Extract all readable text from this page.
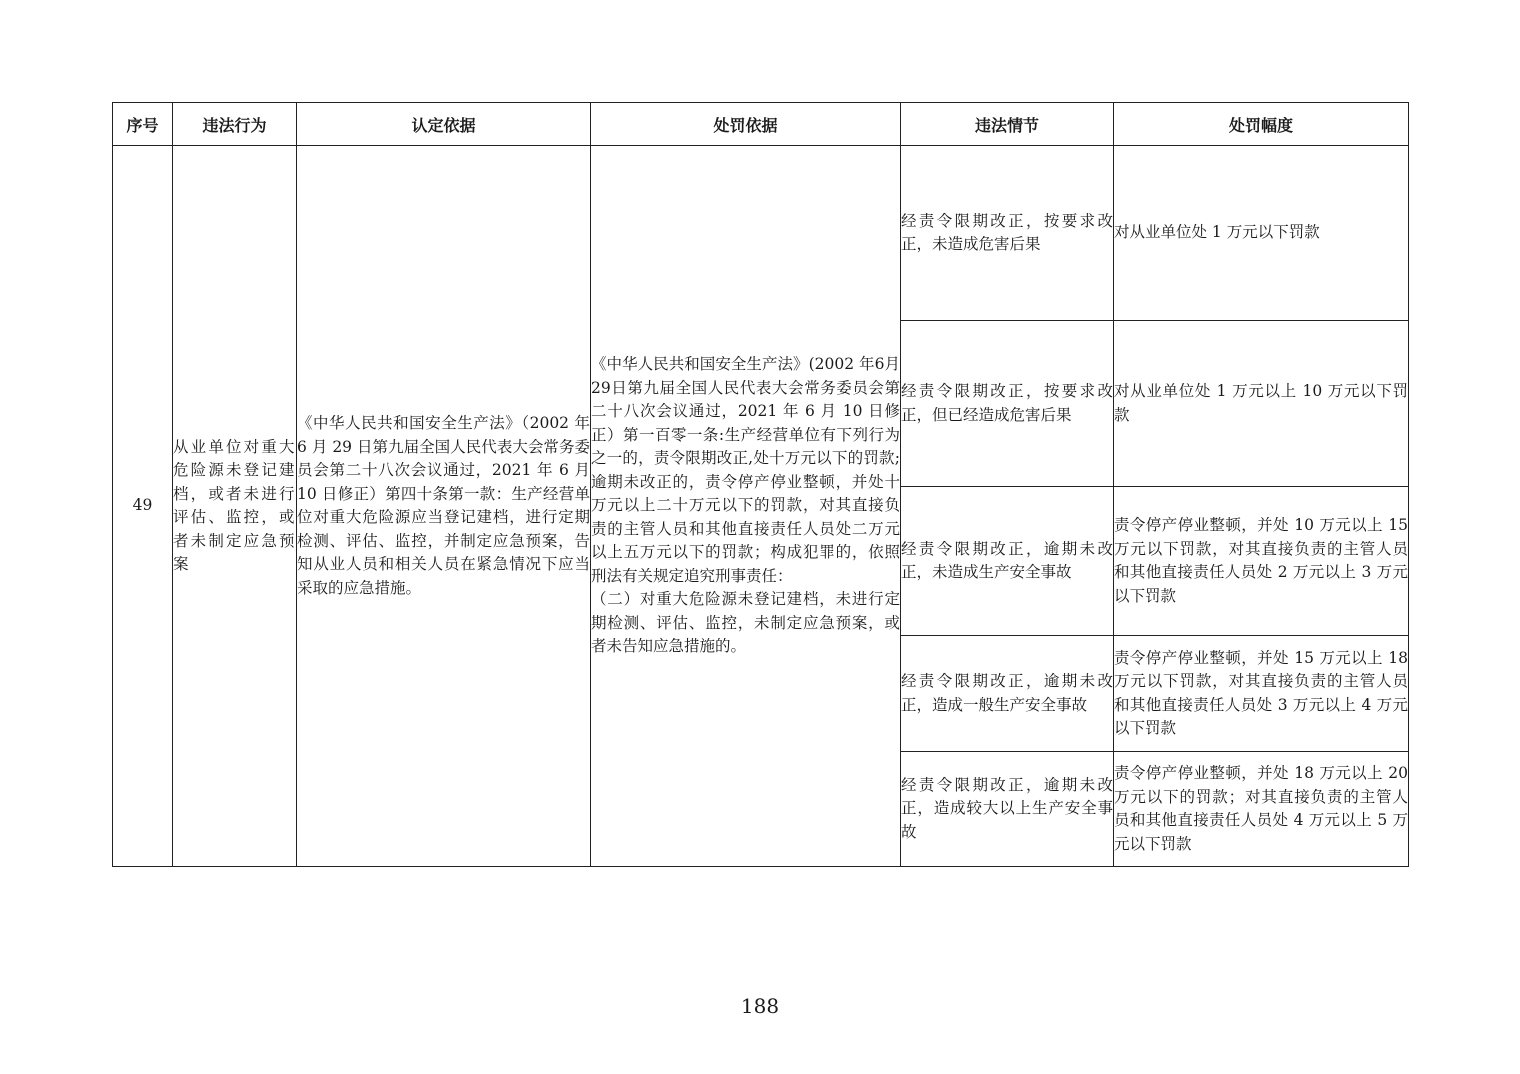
序号	违法行为	认定依据	处罚依据	违法情节	处罚幅度
49	从业单位对重大危险源未登记建档，或者未进行评估、监控，或者未制定应急预案	《中华人民共和国安全生产法》（2002 年 6 月 29 日第九届全国人民代表大会常务委员会第二十八次会议通过，2021 年 6 月 10 日修正）第四十条第一款：生产经营单位对重大危险源应当登记建档，进行定期检测、评估、监控，并制定应急预案，告知从业人员和相关人员在紧急情况下应当采取的应急措施。	《中华人民共和国安全生产法》(2002 年6月29日第九届全国人民代表大会常务委员会第二十八次会议通过，2021 年 6 月 10 日修正）第一百零一条:生产经营单位有下列行为之一的，责令限期改正,处十万元以下的罚款;逾期未改正的，责令停产停业整顿，并处十万元以上二十万元以下的罚款，对其直接负责的主管人员和其他直接责任人员处二万元以上五万元以下的罚款；构成犯罪的，依照刑法有关规定追究刑事责任：
（二）对重大危险源未登记建档，未进行定期检测、评估、监控，未制定应急预案，或者未告知应急措施的。	经责令限期改正，按要求改正，未造成危害后果	对从业单位处 1 万元以下罚款

				经责令限期改正，按要求改正，但已经造成危害后果	对从业单位处 1 万元以上 10 万元以下罚款

				经责令限期改正，逾期未改正，未造成生产安全事故	责令停产停业整顿，并处 10 万元以上 15 万元以下罚款，对其直接负责的主管人员和其他直接责任人员处 2 万元以上 3 万元以下罚款

				经责令限期改正，逾期未改正，造成一般生产安全事故	责令停产停业整顿，并处 15 万元以上 18 万元以下罚款，对其直接负责的主管人员和其他直接责任人员处 3 万元以上 4 万元以下罚款

				经责令限期改正，逾期未改正，造成较大以上生产安全事故	责令停产停业整顿，并处 18 万元以上 20 万元以下的罚款；对其直接负责的主管人员和其他直接责任人员处 4 万元以上 5 万元以下罚款
188
